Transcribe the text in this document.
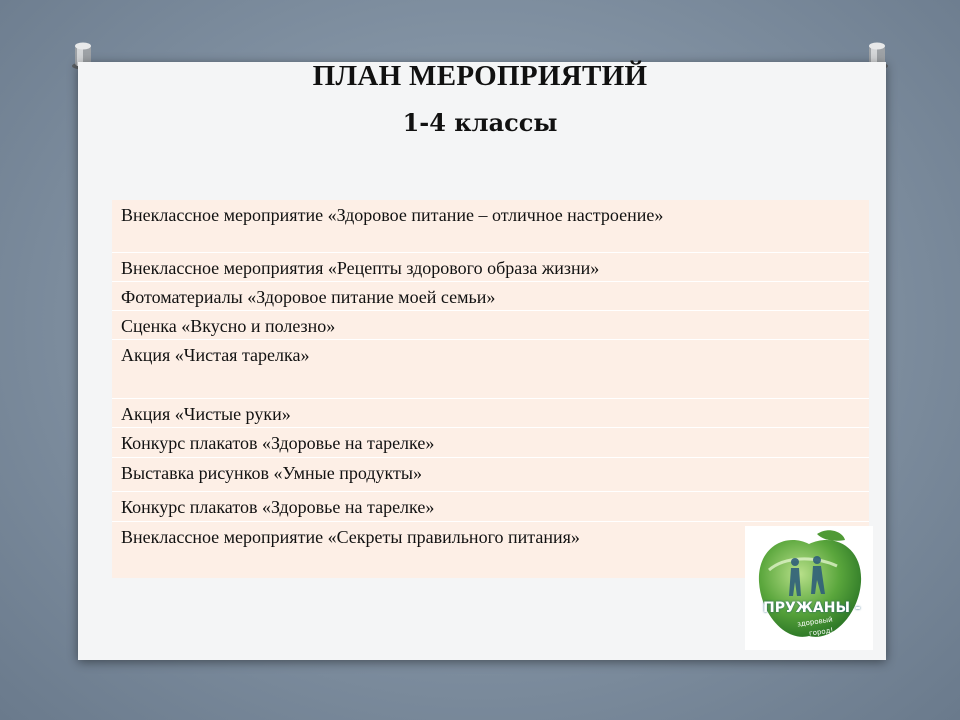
ПЛАН МЕРОПРИЯТИЙ
1-4 классы
Внеклассное мероприятие «Здоровое питание – отличное настроение»
Внеклассное мероприятия «Рецепты здорового образа жизни»
Фотоматериалы «Здоровое питание моей семьи»
Сценка «Вкусно и полезно»
Акция «Чистая тарелка»
Акция «Чистые руки»
Конкурс плакатов «Здоровье на тарелке»
Выставка рисунков «Умные продукты»
Конкурс плакатов «Здоровье на тарелке»
Внеклассное мероприятие «Секреты правильного питания»
ПРУЖАНЫ -
здоровый
город!
